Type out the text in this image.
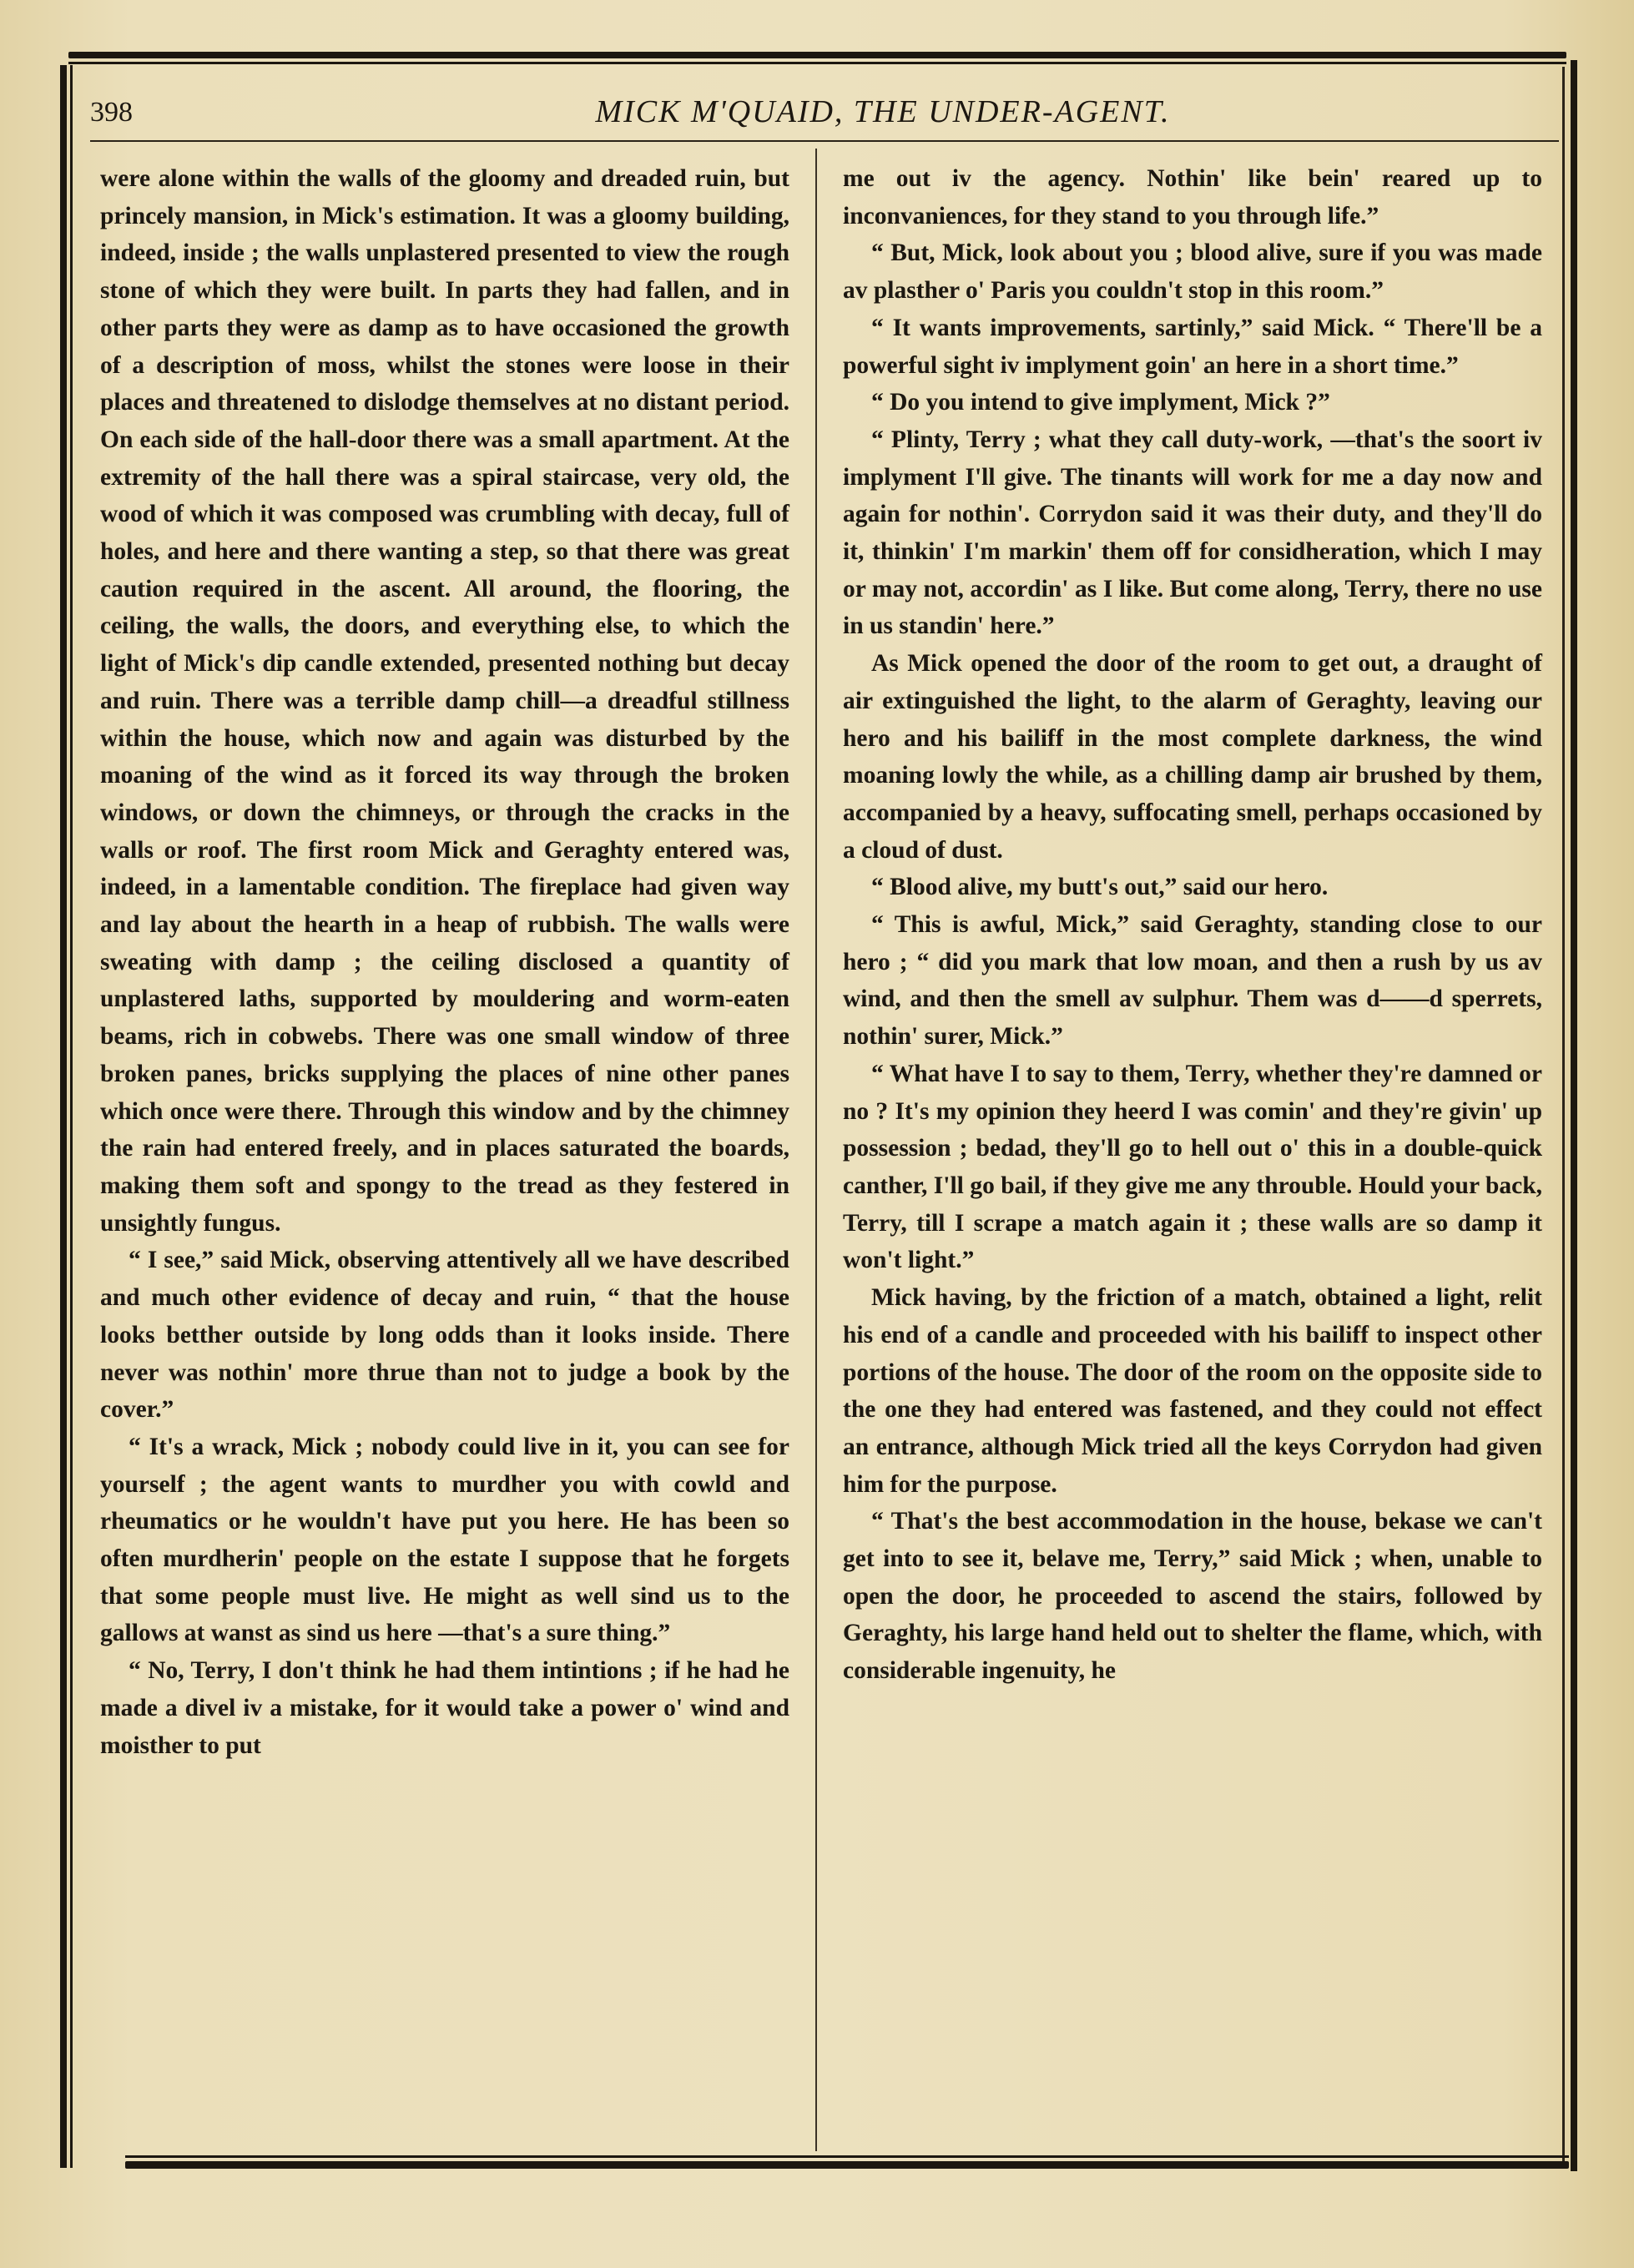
398	MICK M'QUAID, THE UNDER-AGENT.

were alone within the walls of the gloomy and dreaded ruin, but princely mansion, in Mick's estimation. It was a gloomy building, indeed, inside ; the walls unplastered presented to view the rough stone of which they were built. In parts they had fallen, and in other parts they were as damp as to have occasioned the growth of a description of moss, whilst the stones were loose in their places and threatened to dislodge themselves at no distant period. On each side of the hall-door there was a small apartment. At the extremity of the hall there was a spiral staircase, very old, the wood of which it was composed was crumbling with decay, full of holes, and here and there wanting a step, so that there was great caution required in the ascent. All around, the flooring, the ceiling, the walls, the doors, and everything else, to which the light of Mick's dip candle extended, presented nothing but decay and ruin. There was a terrible damp chill—a dreadful stillness within the house, which now and again was disturbed by the moaning of the wind as it forced its way through the broken windows, or down the chimneys, or through the cracks in the walls or roof. The first room Mick and Geraghty entered was, indeed, in a lamentable condition. The fireplace had given way and lay about the hearth in a heap of rubbish. The walls were sweating with damp ; the ceiling disclosed a quantity of unplastered laths, supported by mouldering and worm-eaten beams, rich in cobwebs. There was one small window of three broken panes, bricks supplying the places of nine other panes which once were there. Through this window and by the chimney the rain had entered freely, and in places saturated the boards, making them soft and spongy to the tread as they festered in unsightly fungus.

“ I see,” said Mick, observing attentively all we have described and much other evidence of decay and ruin, “ that the house looks betther outside by long odds than it looks inside. There never was nothin' more thrue than not to judge a book by the cover.”

“ It's a wrack, Mick ; nobody could live in it, you can see for yourself ; the agent wants to murdher you with cowld and rheumatics or he wouldn't have put you here. He has been so often murdherin' people on the estate I suppose that he forgets that some people must live. He might as well sind us to the gallows at wanst as sind us here —that's a sure thing.”

“ No, Terry, I don't think he had them intintions ; if he had he made a divel iv a mistake, for it would take a power o' wind and moisther to put

me out iv the agency. Nothin' like bein' reared up to inconvaniences, for they stand to you through life.”

“ But, Mick, look about you ; blood alive, sure if you was made av plasther o' Paris you couldn't stop in this room.”

“ It wants improvements, sartinly,” said Mick. “ There'll be a powerful sight iv implyment goin' an here in a short time.”

“ Do you intend to give implyment, Mick ?”

“ Plinty, Terry ; what they call duty-work, —that's the soort iv implyment I'll give. The tinants will work for me a day now and again for nothin'. Corrydon said it was their duty, and they'll do it, thinkin' I'm markin' them off for considheration, which I may or may not, accordin' as I like. But come along, Terry, there no use in us standin' here.”

As Mick opened the door of the room to get out, a draught of air extinguished the light, to the alarm of Geraghty, leaving our hero and his bailiff in the most complete darkness, the wind moaning lowly the while, as a chilling damp air brushed by them, accompanied by a heavy, suffocating smell, perhaps occasioned by a cloud of dust.

“ Blood alive, my butt's out,” said our hero.

“ This is awful, Mick,” said Geraghty, standing close to our hero ; “ did you mark that low moan, and then a rush by us av wind, and then the smell av sulphur. Them was d——d sperrets, nothin' surer, Mick.”

“ What have I to say to them, Terry, whether they're damned or no ? It's my opinion they heerd I was comin' and they're givin' up possession ; bedad, they'll go to hell out o' this in a double-quick canther, I'll go bail, if they give me any throuble. Hould your back, Terry, till I scrape a match again it ; these walls are so damp it won't light.”

Mick having, by the friction of a match, obtained a light, relit his end of a candle and proceeded with his bailiff to inspect other portions of the house. The door of the room on the opposite side to the one they had entered was fastened, and they could not effect an entrance, although Mick tried all the keys Corrydon had given him for the purpose.

“ That's the best accommodation in the house, bekase we can't get into to see it, belave me, Terry,” said Mick ; when, unable to open the door, he proceeded to ascend the stairs, followed by Geraghty, his large hand held out to shelter the flame, which, with considerable ingenuity, he
